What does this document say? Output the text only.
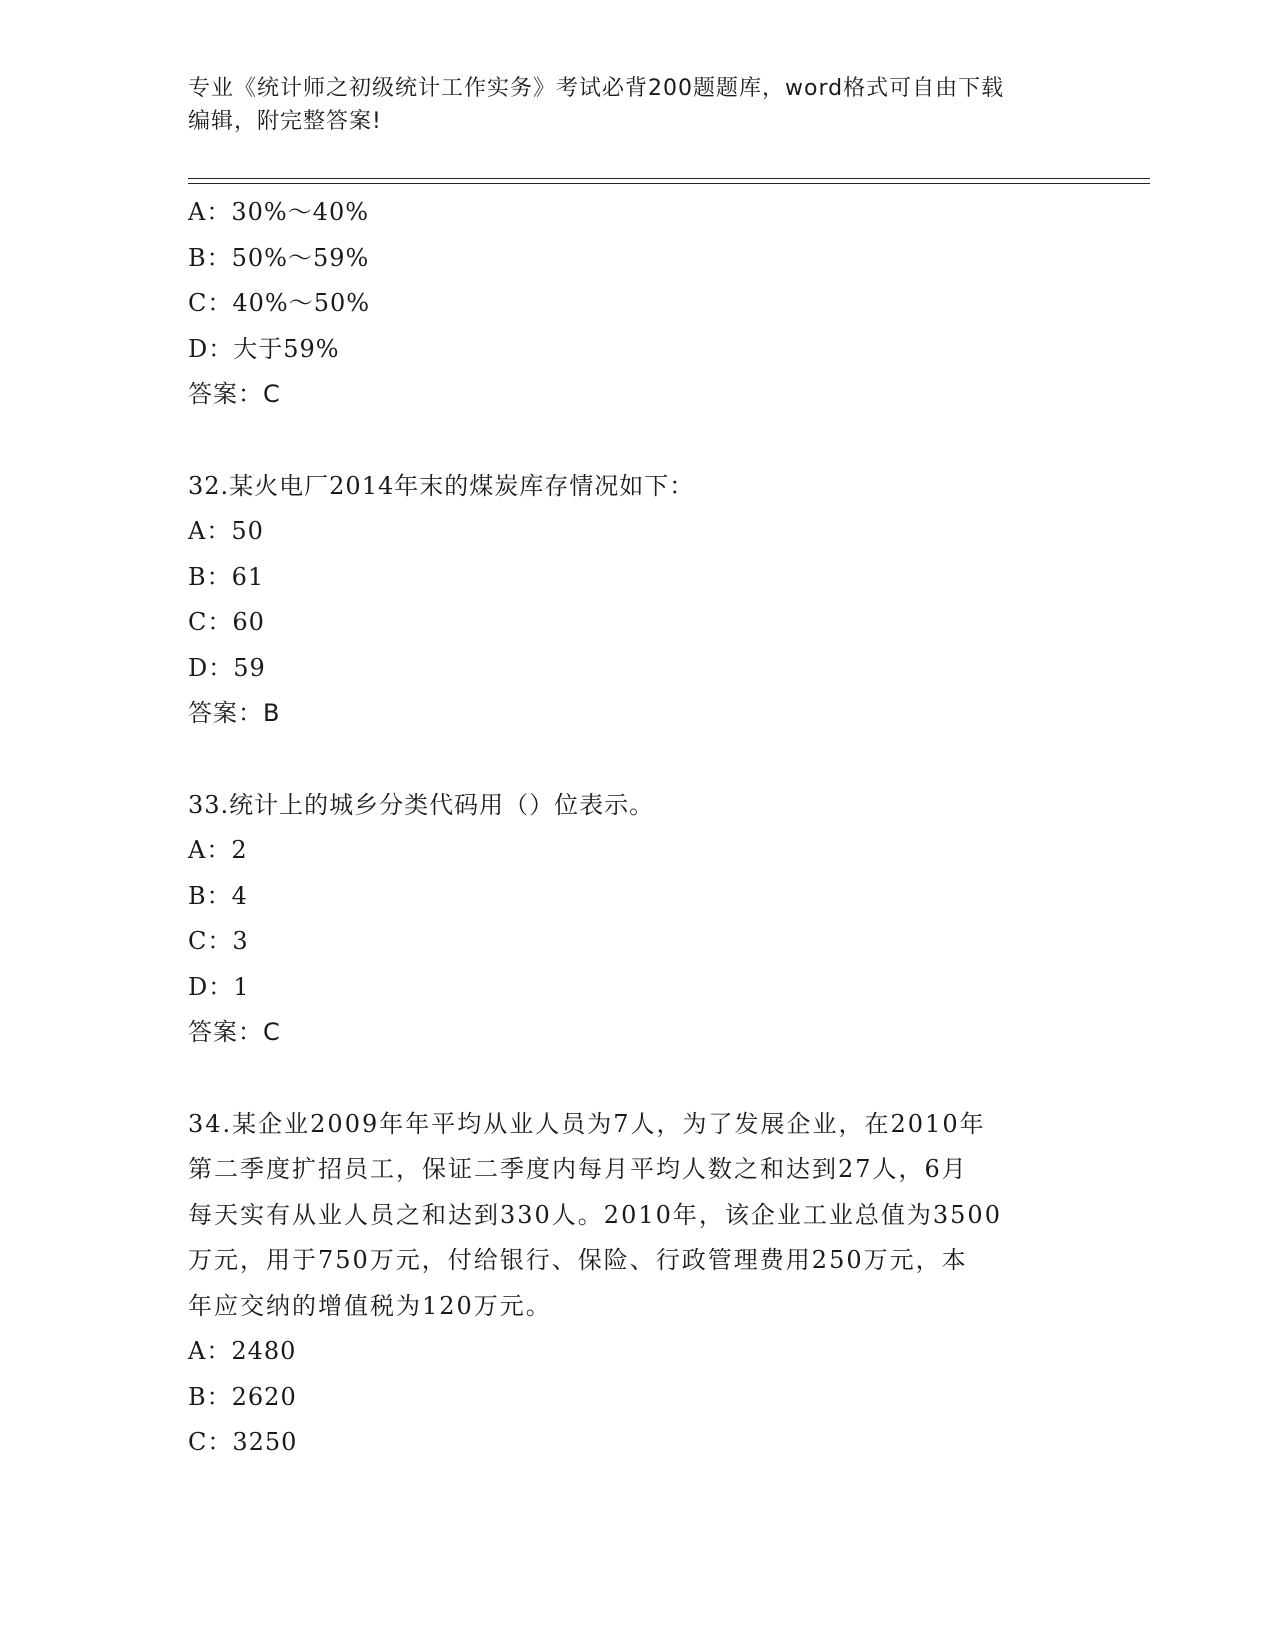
专业《统计师之初级统计工作实务》考试必背200题题库，word格式可自由下载
编辑，附完整答案!
A：30%～40%
B：50%～59%
C：40%～50%
D：大于59%
答案：C
32.某火电厂2014年末的煤炭库存情况如下：
A：50
B：61
C：60
D：59
答案：B
33.统计上的城乡分类代码用（）位表示。
A：2
B：4
C：3
D：1
答案：C
34.某企业2009年年平均从业人员为7人，为了发展企业，在2010年
第二季度扩招员工，保证二季度内每月平均人数之和达到27人，6月
每天实有从业人员之和达到330人。2010年，该企业工业总值为3500
万元，用于750万元，付给银行、保险、行政管理费用250万元，本
年应交纳的增值税为120万元。
A：2480
B：2620
C：3250
